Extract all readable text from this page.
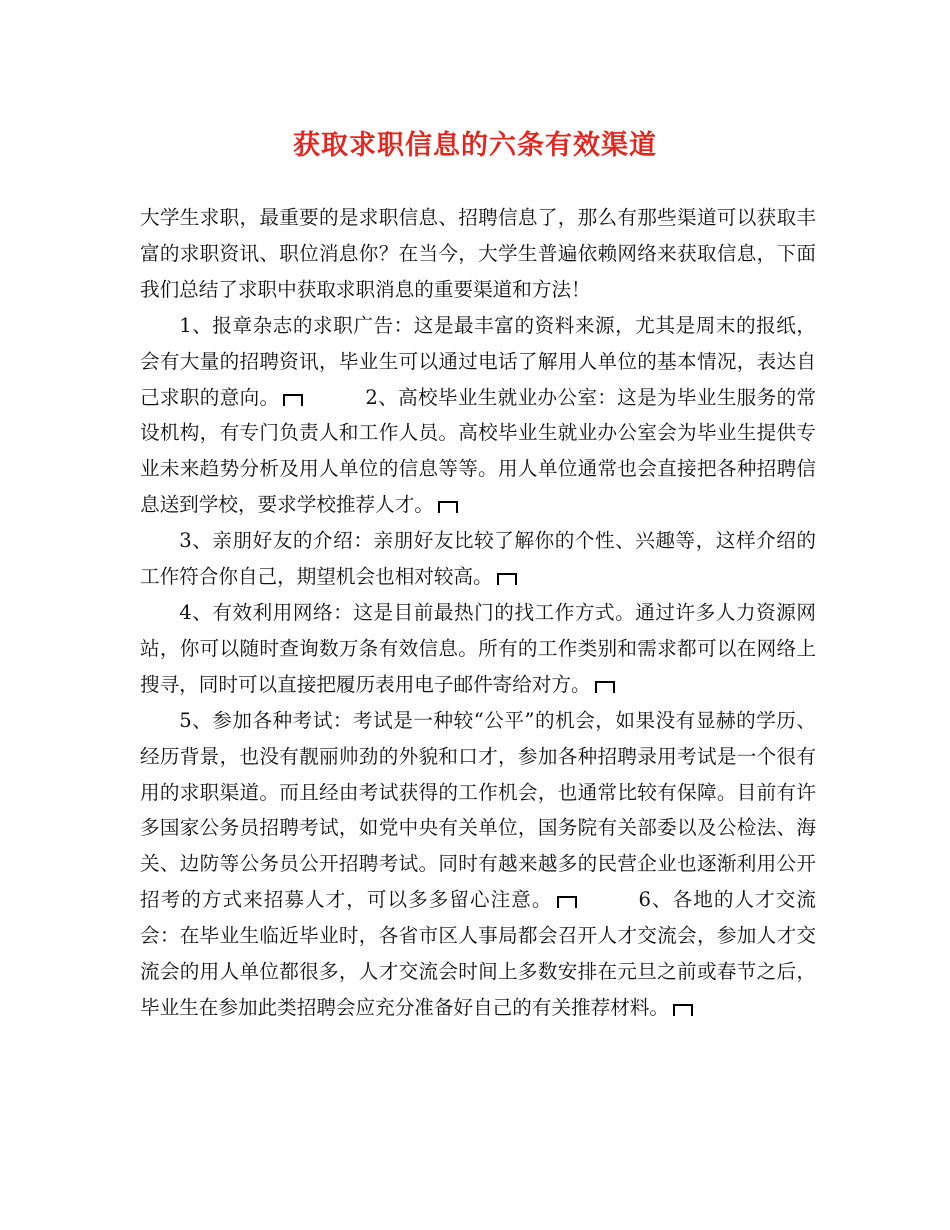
获取求职信息的六条有效渠道

大学生求职，最重要的是求职信息、招聘信息了，那么有那些渠道可以获取丰富的求职资讯、职位消息你？在当今，大学生普遍依赖网络来获取信息，下面我们总结了求职中获取求职消息的重要渠道和方法！

1、报章杂志的求职广告：这是最丰富的资料来源，尤其是周末的报纸，会有大量的招聘资讯，毕业生可以通过电话了解用人单位的基本情况，表达自己求职的意向。	2、高校毕业生就业办公室：这是为毕业生服务的常设机构，有专门负责人和工作人员。高校毕业生就业办公室会为毕业生提供专业未来趋势分析及用人单位的信息等等。用人单位通常也会直接把各种招聘信息送到学校，要求学校推荐人才。

3、亲朋好友的介绍：亲朋好友比较了解你的个性、兴趣等，这样介绍的工作符合你自己，期望机会也相对较高。

4、有效利用网络：这是目前最热门的找工作方式。通过许多人力资源网站，你可以随时查询数万条有效信息。所有的工作类别和需求都可以在网络上搜寻，同时可以直接把履历表用电子邮件寄给对方。

5、参加各种考试：考试是一种较“公平”的机会，如果没有显赫的学历、经历背景，也没有靓丽帅劲的外貌和口才，参加各种招聘录用考试是一个很有用的求职渠道。而且经由考试获得的工作机会，也通常比较有保障。目前有许多国家公务员招聘考试，如党中央有关单位，国务院有关部委以及公检法、海关、边防等公务员公开招聘考试。同时有越来越多的民营企业也逐渐利用公开招考的方式来招募人才，可以多多留心注意。	6、各地的人才交流会：在毕业生临近毕业时，各省市区人事局都会召开人才交流会，参加人才交流会的用人单位都很多，人才交流会时间上多数安排在元旦之前或春节之后，毕业生在参加此类招聘会应充分准备好自己的有关推荐材料。
